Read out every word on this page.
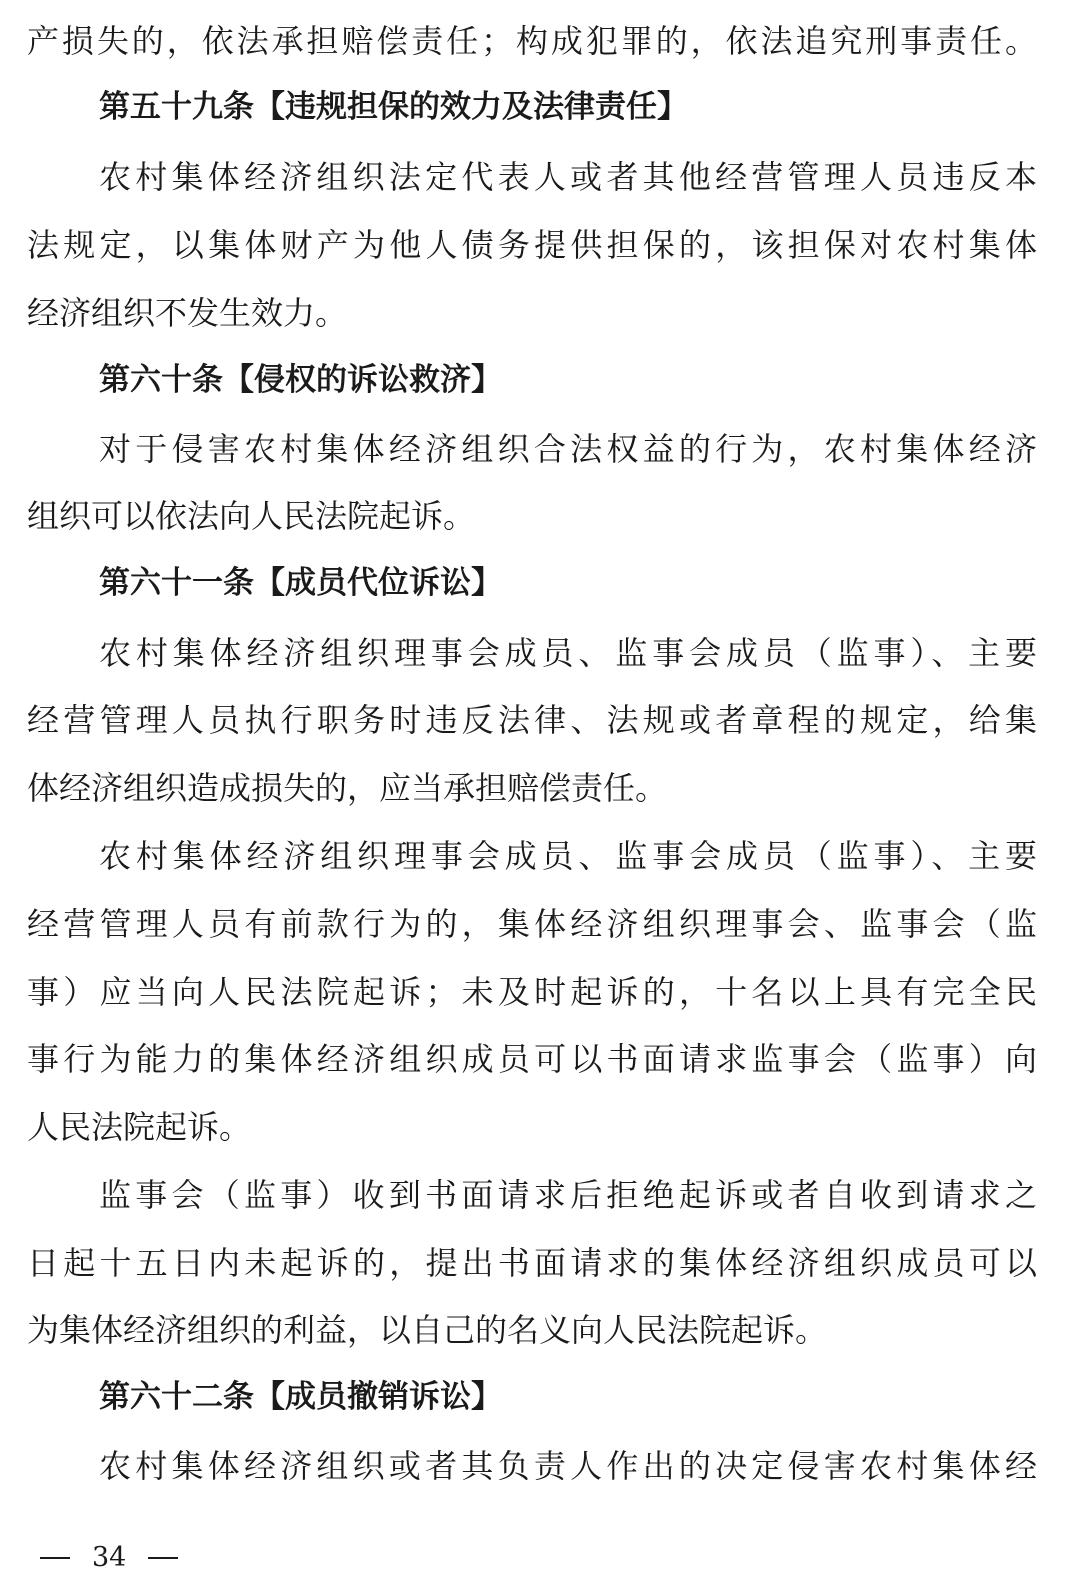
产损失的，依法承担赔偿责任；构成犯罪的，依法追究刑事责任。
第五十九条【违规担保的效力及法律责任】
农村集体经济组织法定代表人或者其他经营管理人员违反本
法规定，以集体财产为他人债务提供担保的，该担保对农村集体
经济组织不发生效力。
第六十条【侵权的诉讼救济】
对于侵害农村集体经济组织合法权益的行为，农村集体经济
组织可以依法向人民法院起诉。
第六十一条【成员代位诉讼】
农村集体经济组织理事会成员、监事会成员（监事）、主要
经营管理人员执行职务时违反法律、法规或者章程的规定，给集
体经济组织造成损失的，应当承担赔偿责任。
农村集体经济组织理事会成员、监事会成员（监事）、主要
经营管理人员有前款行为的，集体经济组织理事会、监事会（监
事）应当向人民法院起诉；未及时起诉的，十名以上具有完全民
事行为能力的集体经济组织成员可以书面请求监事会（监事）向
人民法院起诉。
监事会（监事）收到书面请求后拒绝起诉或者自收到请求之
日起十五日内未起诉的，提出书面请求的集体经济组织成员可以
为集体经济组织的利益，以自己的名义向人民法院起诉。
第六十二条【成员撤销诉讼】
农村集体经济组织或者其负责人作出的决定侵害农村集体经
34
